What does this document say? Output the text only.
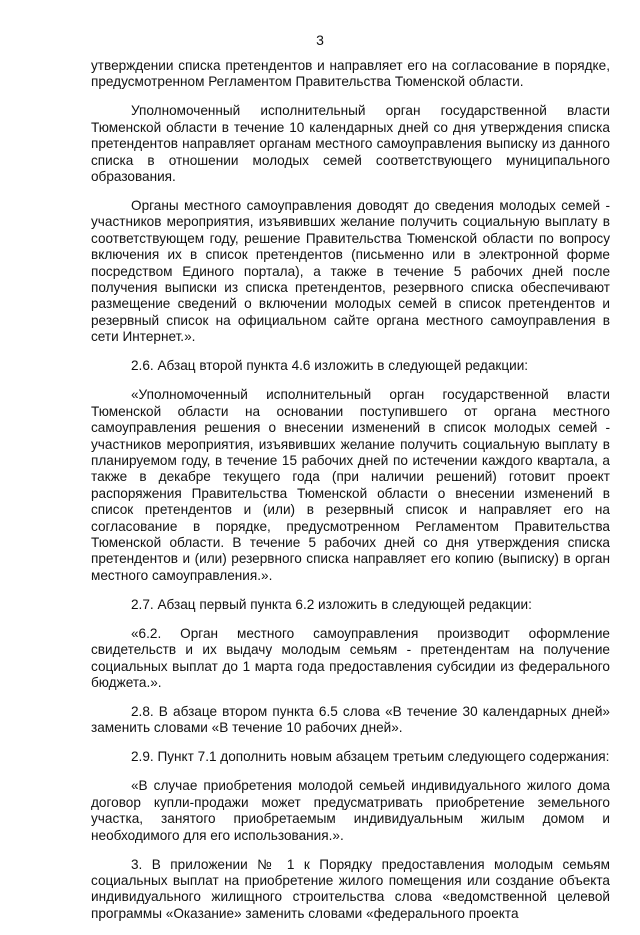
3

утверждении списка претендентов и направляет его на согласование в порядке, предусмотренном Регламентом Правительства Тюменской области.

Уполномоченный исполнительный орган государственной власти Тюменской области в течение 10 календарных дней со дня утверждения списка претендентов направляет органам местного самоуправления выписку из данного списка в отношении молодых семей соответствующего муниципального образования.

Органы местного самоуправления доводят до сведения молодых семей - участников мероприятия, изъявивших желание получить социальную выплату в соответствующем году, решение Правительства Тюменской области по вопросу включения их в список претендентов (письменно или в электронной форме посредством Единого портала), а также в течение 5 рабочих дней после получения выписки из списка претендентов, резервного списка обеспечивают размещение сведений о включении молодых семей в список претендентов и резервный список на официальном сайте органа местного самоуправления в сети Интернет.».

2.6. Абзац второй пункта 4.6 изложить в следующей редакции:

«Уполномоченный исполнительный орган государственной власти Тюменской области на основании поступившего от органа местного самоуправления решения о внесении изменений в список молодых семей - участников мероприятия, изъявивших желание получить социальную выплату в планируемом году, в течение 15 рабочих дней по истечении каждого квартала, а также в декабре текущего года (при наличии решений) готовит проект распоряжения Правительства Тюменской области о внесении изменений в список претендентов и (или) в резервный список и направляет его на согласование в порядке, предусмотренном Регламентом Правительства Тюменской области. В течение 5 рабочих дней со дня утверждения списка претендентов и (или) резервного списка направляет его копию (выписку) в орган местного самоуправления.».

2.7. Абзац первый пункта 6.2 изложить в следующей редакции:

«6.2. Орган местного самоуправления производит оформление свидетельств и их выдачу молодым семьям - претендентам на получение социальных выплат до 1 марта года предоставления субсидии из федерального бюджета.».

2.8. В абзаце втором пункта 6.5 слова «В течение 30 календарных дней» заменить словами «В течение 10 рабочих дней».

2.9. Пункт 7.1 дополнить новым абзацем третьим следующего содержания:

«В случае приобретения молодой семьей индивидуального жилого дома договор купли-продажи может предусматривать приобретение земельного участка, занятого приобретаемым индивидуальным жилым домом и необходимого для его использования.».

3. В приложении № 1 к Порядку предоставления молодым семьям социальных выплат на приобретение жилого помещения или создание объекта индивидуального жилищного строительства слова «ведомственной целевой программы «Оказание» заменить словами «федерального проекта
